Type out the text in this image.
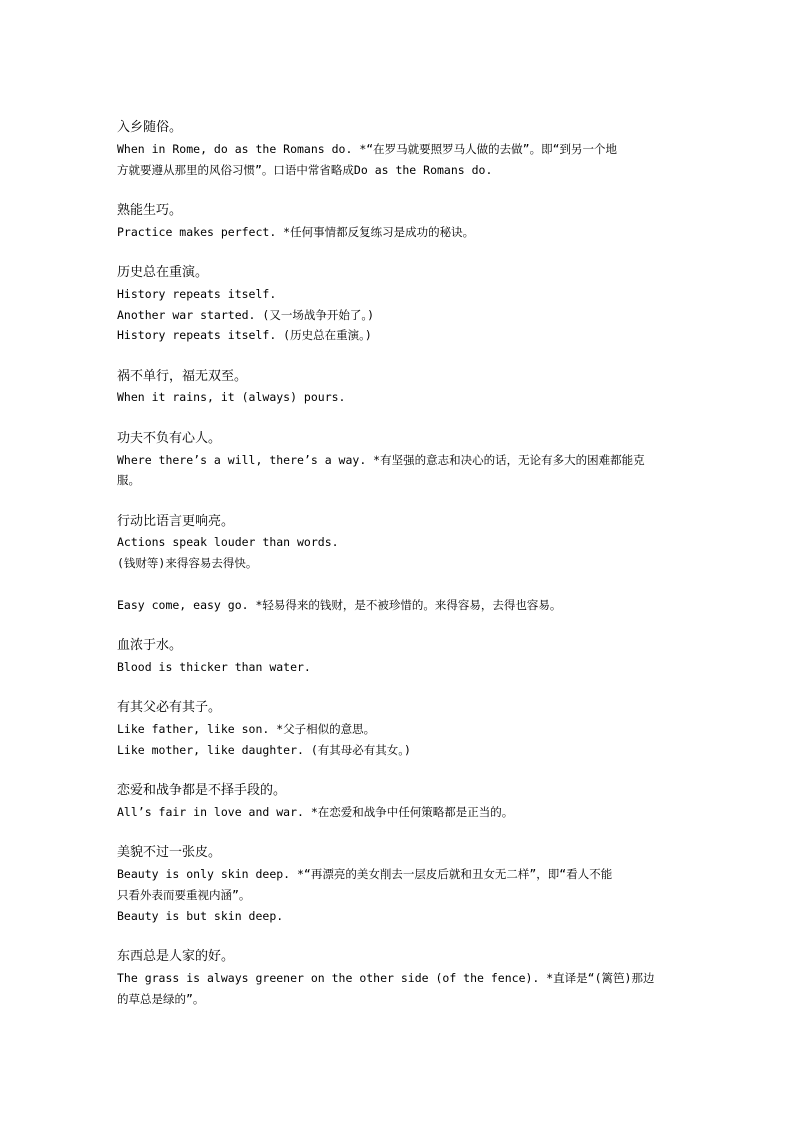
入乡随俗。
When in Rome, do as the Romans do. *“在罗马就要照罗马人做的去做”。即“到另一个地
方就要遵从那里的风俗习惯”。口语中常省略成Do as the Romans do.
熟能生巧。
Practice makes perfect. *任何事情都反复练习是成功的秘诀。
历史总在重演。
History repeats itself.
Another war started. (又一场战争开始了。)
History repeats itself. (历史总在重演。)
祸不单行，福无双至。
When it rains, it (always) pours.
功夫不负有心人。
Where there’s a will, there’s a way. *有坚强的意志和决心的话，无论有多大的困难都能克
服。
行动比语言更响亮。
Actions speak louder than words.
(钱财等)来得容易去得快。
Easy come, easy go. *轻易得来的钱财，是不被珍惜的。来得容易，去得也容易。
血浓于水。
Blood is thicker than water.
有其父必有其子。
Like father, like son. *父子相似的意思。
Like mother, like daughter. (有其母必有其女。)
恋爱和战争都是不择手段的。
All’s fair in love and war. *在恋爱和战争中任何策略都是正当的。
美貌不过一张皮。
Beauty is only skin deep. *“再漂亮的美女削去一层皮后就和丑女无二样”，即“看人不能
只看外表而要重视内涵”。
Beauty is but skin deep.
东西总是人家的好。
The grass is always greener on the other side (of the fence). *直译是“(篱笆)那边
的草总是绿的”。
